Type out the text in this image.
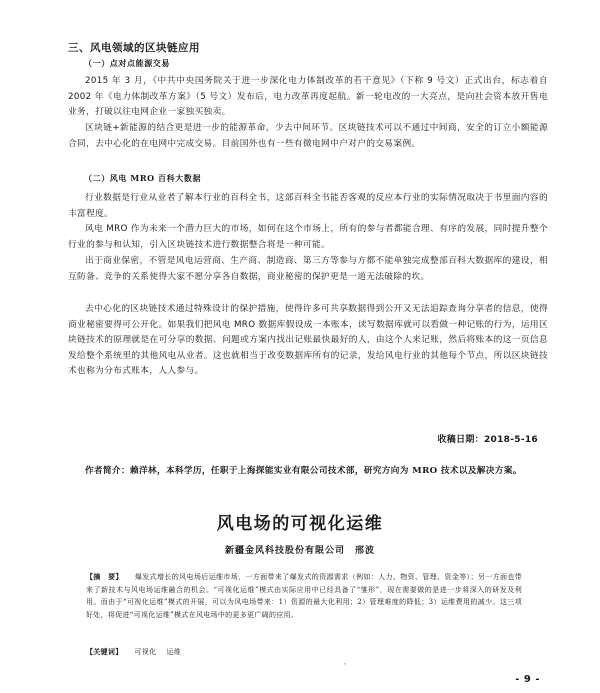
三、风电领域的区块链应用
（一）点对点能源交易

2015 年 3 月，《中共中央国务院关于进一步深化电力体制改革的若干意见》（下称 9 号文）正式出台，标志着自 2002 年《电力体制改革方案》（5 号文）发布后，电力改革再度起航。新一轮电改的一大亮点，是向社会资本放开售电业务，打破以往电网企业一家独买独卖。

区块链+新能源的结合更是进一步的能源革命，少去中间环节。区块链技术可以不通过中间商，安全的订立小额能源合同，去中心化的在电网中完成交易。目前国外也有一些有微电网中户对户的交易案例。

（二）风电 MRO 百科大数据

行业数据是行业从业者了解本行业的百科全书，这部百科全书能否客观的反应本行业的实际情况取决于书里面内容的丰富程度。

风电 MRO 作为未来一个潜力巨大的市场，如何在这个市场上，所有的参与者都能合理、有序的发展，同时提升整个行业的参与和认知，引入区块链技术进行数据整合将是一种可能。

出于商业保密，不管是风电运营商、生产商、制造商、第三方等参与方都不能单独完成整部百科大数据库的建设，相互防备、竞争的关系使得大家不愿分享各自数据，商业秘密的保护更是一道无法破除的坎。

去中心化的区块链技术通过特殊设计的保护措施，使得许多可共享数据得到公开又无法追踪查询分享者的信息，使得商业秘密要得可公开化。如果我们把风电 MRO 数据库假设成一本账本，读写数据库就可以看做一种记账的行为，运用区块链技术的原理就是在可分享的数据、问题或方案内找出记账最快最好的人，由这个人来记账，然后将账本的这一页信息发给整个系统里的其他风电从业者。这也就相当于改变数据库所有的记录，发给风电行业的其他每个节点，所以区块链技术也称为分布式账本，人人参与。

收稿日期：2018-5-16

作者简介：赖洋林，本科学历，任职于上海探能实业有限公司技术部，研究方向为 MRO 技术以及解决方案。

风电场的可视化运维
新疆金风科技股份有限公司　邢波

【摘　要】 爆发式增长的风电场后运维市场，一方面带来了爆发式的资源需求（例如：人力、物资、管理、资金等）；另一方面也带来了新技术与风电场运维融合的机会。“可视化运维”模式由实际应用中已经具备了“雏形”，现在需要做的是进一步将深入的研发及利用。而由于“可视化运维”模式的开展，可以为风电场带来：1）资源的最大化利用；2）管理难度的降低；3）运维费用的减少。这三项好处，将促进“可视化运维”模式在风电场中的更多更广阔的应用。

【关键词】 可视化 运维
，
- 9 -
